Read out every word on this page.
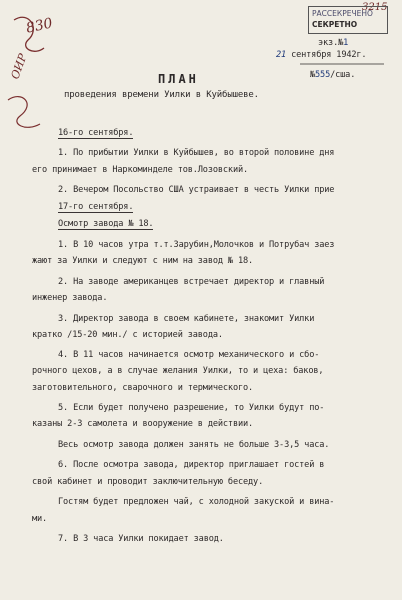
830
ОИР
3215
РАССЕКРЕЧЕНО
СЕКРЕТНО
экз.№1
21 сентября 1942г.
№555/сша.
ПЛАН
проведения времени Уилки в Куйбышеве.
16-го сентября.
1. По прибытии Уилки в Куйбышев, во второй половине дня
его принимает в Наркоминделе тов.Лозовский.
2. Вечером Посольство США устраивает в честь Уилки прие
17-го сентября.
Осмотр завода № 18.
1. В 10 часов утра т.т.Зарубин,Молочков и Потрубач заез
жают за Уилки и следуют с ним на завод № 18.
2. На заводе американцев встречает директор и главный
инженер завода.
3. Директор завода в своем кабинете, знакомит Уилки
кратко /15-20 мин./ с историей завода.
4. В 11 часов начинается осмотр механического и сбо-
рочного цехов, а в случае желания Уилки, то и цеха: баков,
заготовительного, сварочного и термического.
5. Если будет получено разрешение, то Уилки будут по-
казаны 2-3 самолета и вооружение в действии.
Весь осмотр завода должен занять не больше 3-3,5 часа.
6. После осмотра завода, директор приглашает гостей в
свой кабинет и проводит заключительную беседу.
Гостям будет предложен чай, с холодной закуской и вина-
ми.
7. В 3 часа Уилки покидает завод.
